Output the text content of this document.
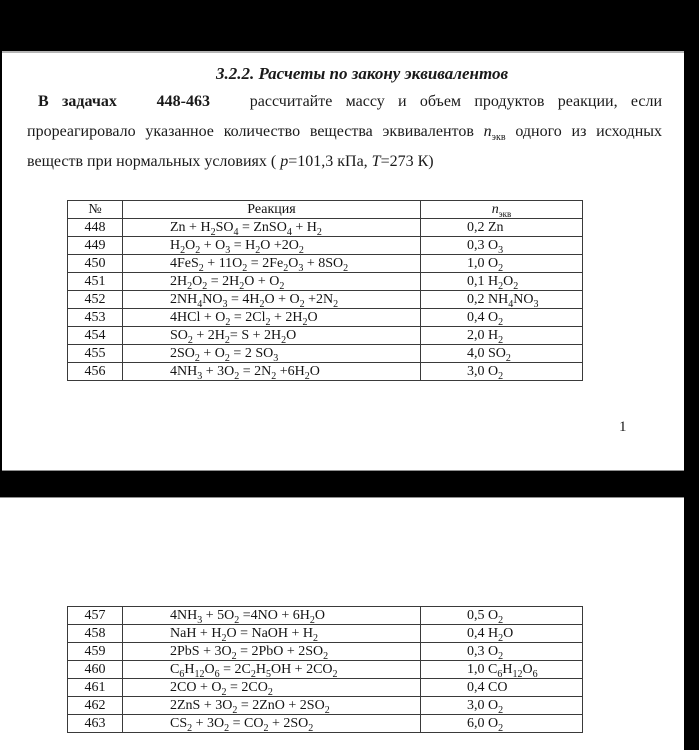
3.2.2. Расчеты по закону эквивалентов
В задачах 448-463   рассчитайте массу и объем продуктов реакции, если
прореагировало указанное количество вещества эквивалентов $n_{экв}$ одного из исходных
веществ при нормальных условиях ( p=101,3 кПа, T=273 К)
№	Реакция	$n_{экв}$
448	$Zn + H_2SO_4$ = ZnSO$_4$ + $H_2$	0,2 Zn
449	$H_2O_2 + O_3 = H_2O +2O_2$	0,3 $O_3$
450	$4FeS_2 + 11O_2 = 2Fe_2O_3 + 8SO_2$	1,0 $O_2$
451	$2H_2O_2 = 2H_2O + O_2$	0,1 $H_2O_2$
452	$2NH_4NO_3 = 4H_2O + O_2 +2N_2$	0,2 $NH_4NO_3$
453	$4HCl + O_2 = 2Cl_2 + 2H_2O$	0,4 $O_2$
454	$SO_2 + 2H_2= S + 2H_2O$	2,0 $H_2$
455	$2SO_2 + O_2 = 2$ $SO_3$	4,0 $SO_2$
456	$4NH_3 + 3O_2 = 2N_2 +6H_2O$	3,0 $O_2$
1
457	$4NH_3 + 5O_2 =4NO + 6H_2O$	0,5 $O_2$
458	NaH + $H_2O$ = NaOH + $H_2$	0,4 $H_2O$
459	$2PbS + 3O_2 = 2PbO + 2SO_2$	0,3 $O_2$
460	$C_6H_{12}O_6 = 2C_2H_5OH + 2CO_2$	1,0 $C_6H_{12}O_6$
461	$2CO + O_2 = 2CO_2$	0,4 CO
462	$2ZnS + 3O_2 = 2ZnO + 2SO_2$	3,0 $O_2$
463	$CS_2 + 3O_2 = CO_2 + 2SO_2$	6,0 $O_2$
